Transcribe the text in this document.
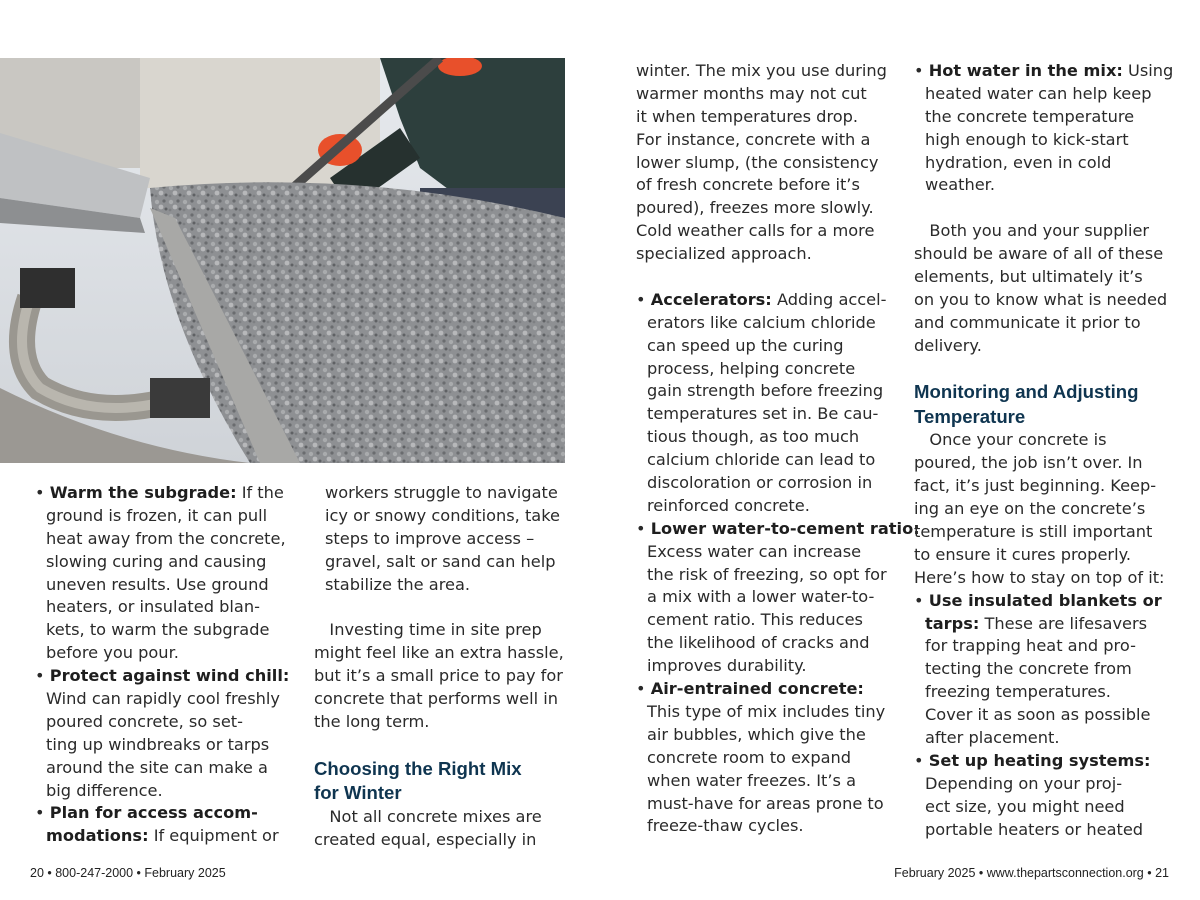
• Warm the subgrade: If the
ground is frozen, it can pull
heat away from the concrete,
slowing curing and causing
uneven results. Use ground
heaters, or insulated blan-
kets, to warm the subgrade
before you pour.
• Protect against wind chill:
Wind can rapidly cool freshly
poured concrete, so set-
ting up windbreaks or tarps
around the site can make a
big difference.
• Plan for access accom-
modations: If equipment or
workers struggle to navigate
icy or snowy conditions, take
steps to improve access –
gravel, salt or sand can help
stabilize the area.
Investing time in site prep
might feel like an extra hassle,
but it’s a small price to pay for
concrete that performs well in
the long term.
Choosing the Right Mix
for Winter
Not all concrete mixes are
created equal, especially in
winter. The mix you use during
warmer months may not cut
it when temperatures drop.
For instance, concrete with a
lower slump, (the consistency
of fresh concrete before it’s
poured), freezes more slowly.
Cold weather calls for a more
specialized approach.
• Accelerators: Adding accel-
erators like calcium chloride
can speed up the curing
process, helping concrete
gain strength before freezing
temperatures set in. Be cau-
tious though, as too much
calcium chloride can lead to
discoloration or corrosion in
reinforced concrete.
• Lower water-to-cement ratio:
Excess water can increase
the risk of freezing, so opt for
a mix with a lower water-to-
cement ratio. This reduces
the likelihood of cracks and
improves durability.
• Air-entrained concrete:
This type of mix includes tiny
air bubbles, which give the
concrete room to expand
when water freezes. It’s a
must-have for areas prone to
freeze-thaw cycles.
• Hot water in the mix: Using
heated water can help keep
the concrete temperature
high enough to kick-start
hydration, even in cold
weather.
Both you and your supplier
should be aware of all of these
elements, but ultimately it’s
on you to know what is needed
and communicate it prior to
delivery.
Monitoring and Adjusting
Temperature
Once your concrete is
poured, the job isn’t over. In
fact, it’s just beginning. Keep-
ing an eye on the concrete’s
temperature is still important
to ensure it cures properly.
Here’s how to stay on top of it:
• Use insulated blankets or
tarps: These are lifesavers
for trapping heat and pro-
tecting the concrete from
freezing temperatures.
Cover it as soon as possible
after placement.
• Set up heating systems:
Depending on your proj-
ect size, you might need
portable heaters or heated
20 • 800-247-2000 • February 2025	February 2025 • www.thepartsconnection.org • 21
